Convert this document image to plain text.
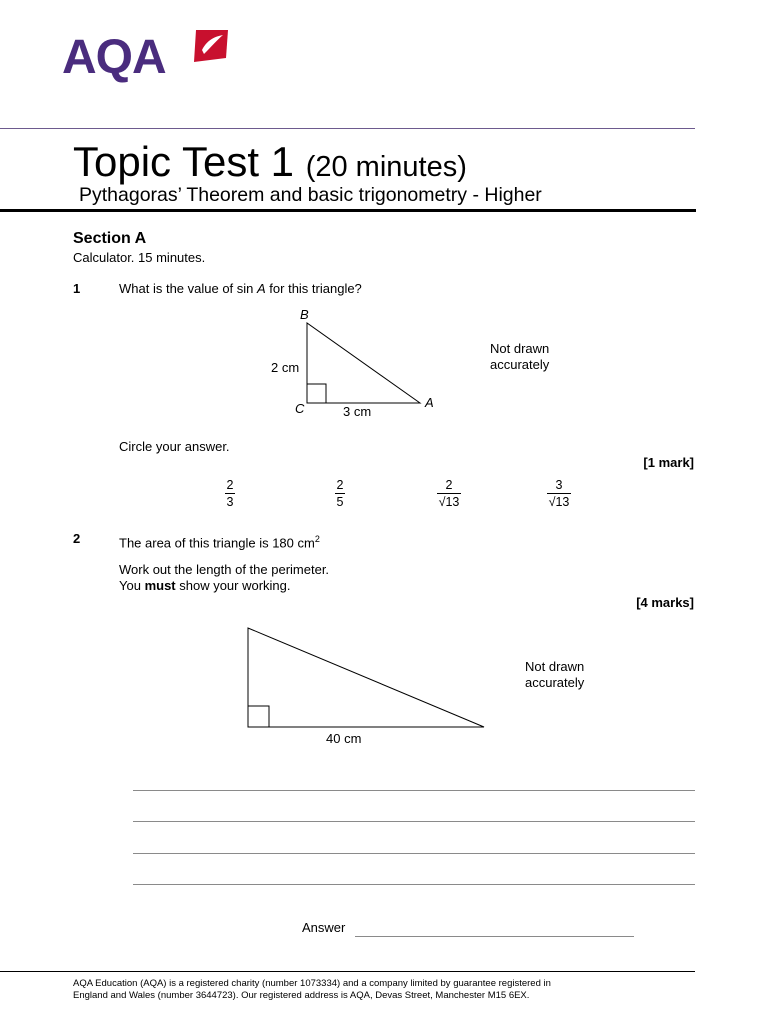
AQA
Topic Test 1 (20 minutes)
Pythagoras’ Theorem and basic trigonometry - Higher
Section A
Calculator. 15 minutes.
1	What is the value of sin A for this triangle?
B
C	A
2 cm
3 cm
Not drawn
accurately
Circle your answer.
[1 mark]
2
3
2
5
2
√13
3
√13
2	The area of this triangle is 180 $cm^2$
Work out the length of the perimeter.
You must show your working.
[4 marks]
40 cm
Not drawn
accurately
Answer
AQA Education (AQA) is a registered charity (number 1073334) and a company limited by guarantee registered in
England and Wales (number 3644723). Our registered address is AQA, Devas Street, Manchester M15 6EX.
